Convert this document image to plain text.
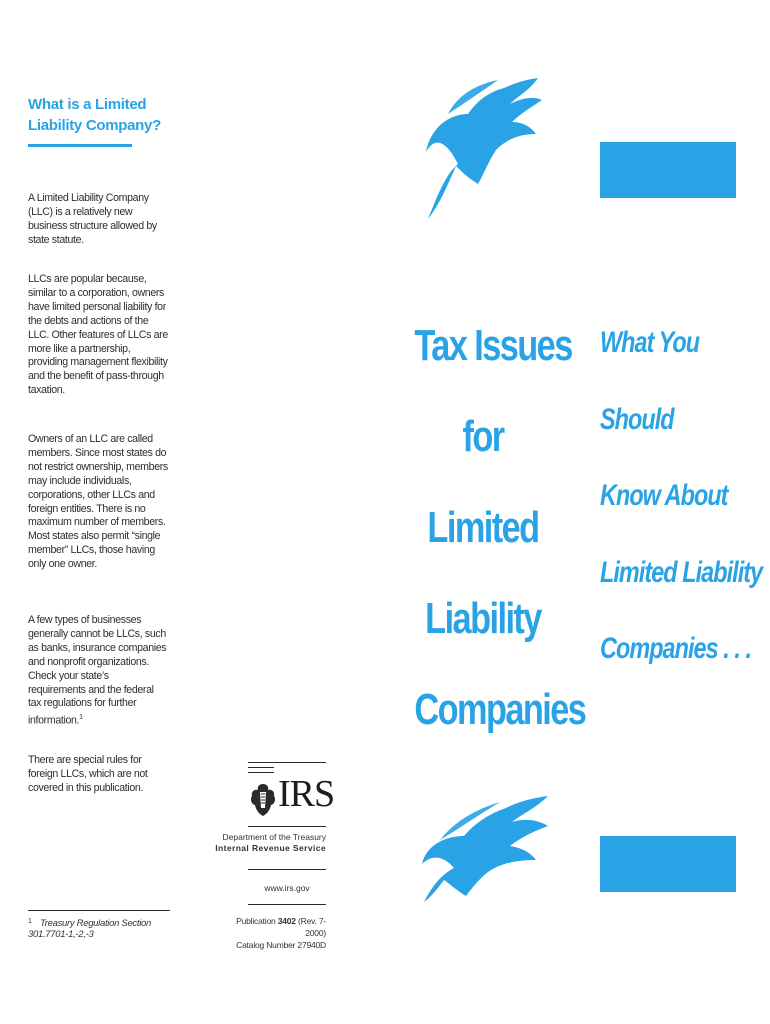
What is a Limited Liability Company?

A Limited Liability Company (LLC) is a relatively new business structure allowed by state statute.

LLCs are popular because, similar to a corporation, owners have limited personal liability for the debts and actions of the LLC. Other features of LLCs are more like a partnership, providing management flexibility and the benefit of pass-through taxation.

Owners of an LLC are called members. Since most states do not restrict ownership, members may include individuals, corporations, other LLCs and foreign entities. There is no maximum number of members. Most states also permit “single member” LLCs, those having only one owner.

A few types of businesses generally cannot be LLCs, such as banks, insurance companies and nonprofit organizations. Check your state’s requirements and the federal tax regulations for further information.$^1$

There are special rules for foreign LLCs, which are not covered in this publication.

$^1$ Treasury Regulation Section 301.7701-1,-2,-3
IRS
Department of the Treasury
Internal Revenue Service
www.irs.gov
Publication 3402 (Rev. 7-2000)
Catalog Number 27940D
Tax Issues
for
Limited
Liability
Companies
What You
Should
Know About
Limited Liability
Companies . . .
